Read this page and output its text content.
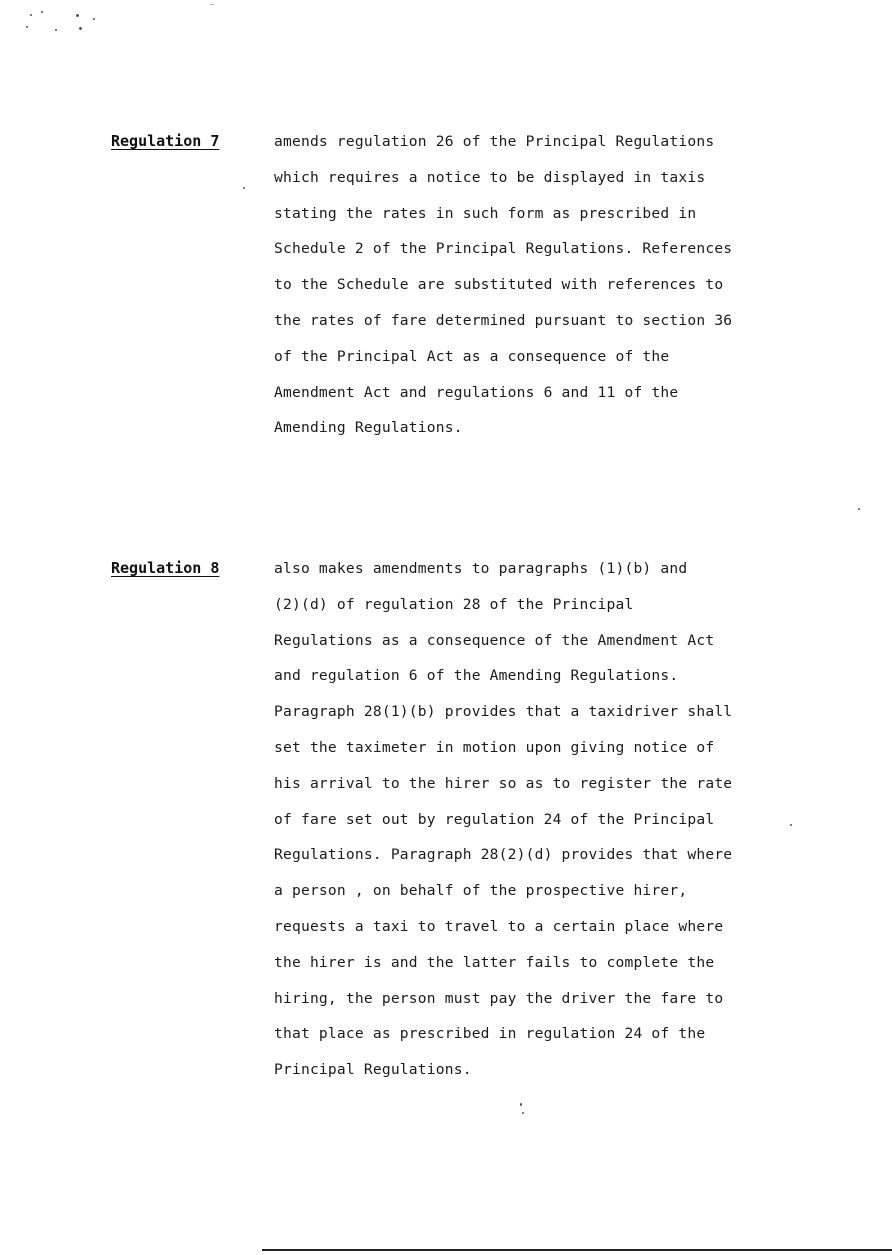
Regulation 7	amends regulation 26 of the Principal Regulations
which requires a notice to be displayed in taxis
stating the rates in such form as prescribed in
Schedule 2 of the Principal Regulations. References
to the Schedule are substituted with references to
the rates of fare determined pursuant to section 36
of the Principal Act as a consequence of the
Amendment Act and regulations 6 and 11 of the
Amending Regulations.
Regulation 8	also makes amendments to paragraphs (1)(b) and
(2)(d) of regulation 28 of the Principal
Regulations as a consequence of the Amendment Act
and regulation 6 of the Amending Regulations.
Paragraph 28(1)(b) provides that a taxidriver shall
set the taximeter in motion upon giving notice of
his arrival to the hirer so as to register the rate
of fare set out by regulation 24 of the Principal
Regulations. Paragraph 28(2)(d) provides that where
a person , on behalf of the prospective hirer,
requests a taxi to travel to a certain place where
the hirer is and the latter fails to complete the
hiring, the person must pay the driver the fare to
that place as prescribed in regulation 24 of the
Principal Regulations.
